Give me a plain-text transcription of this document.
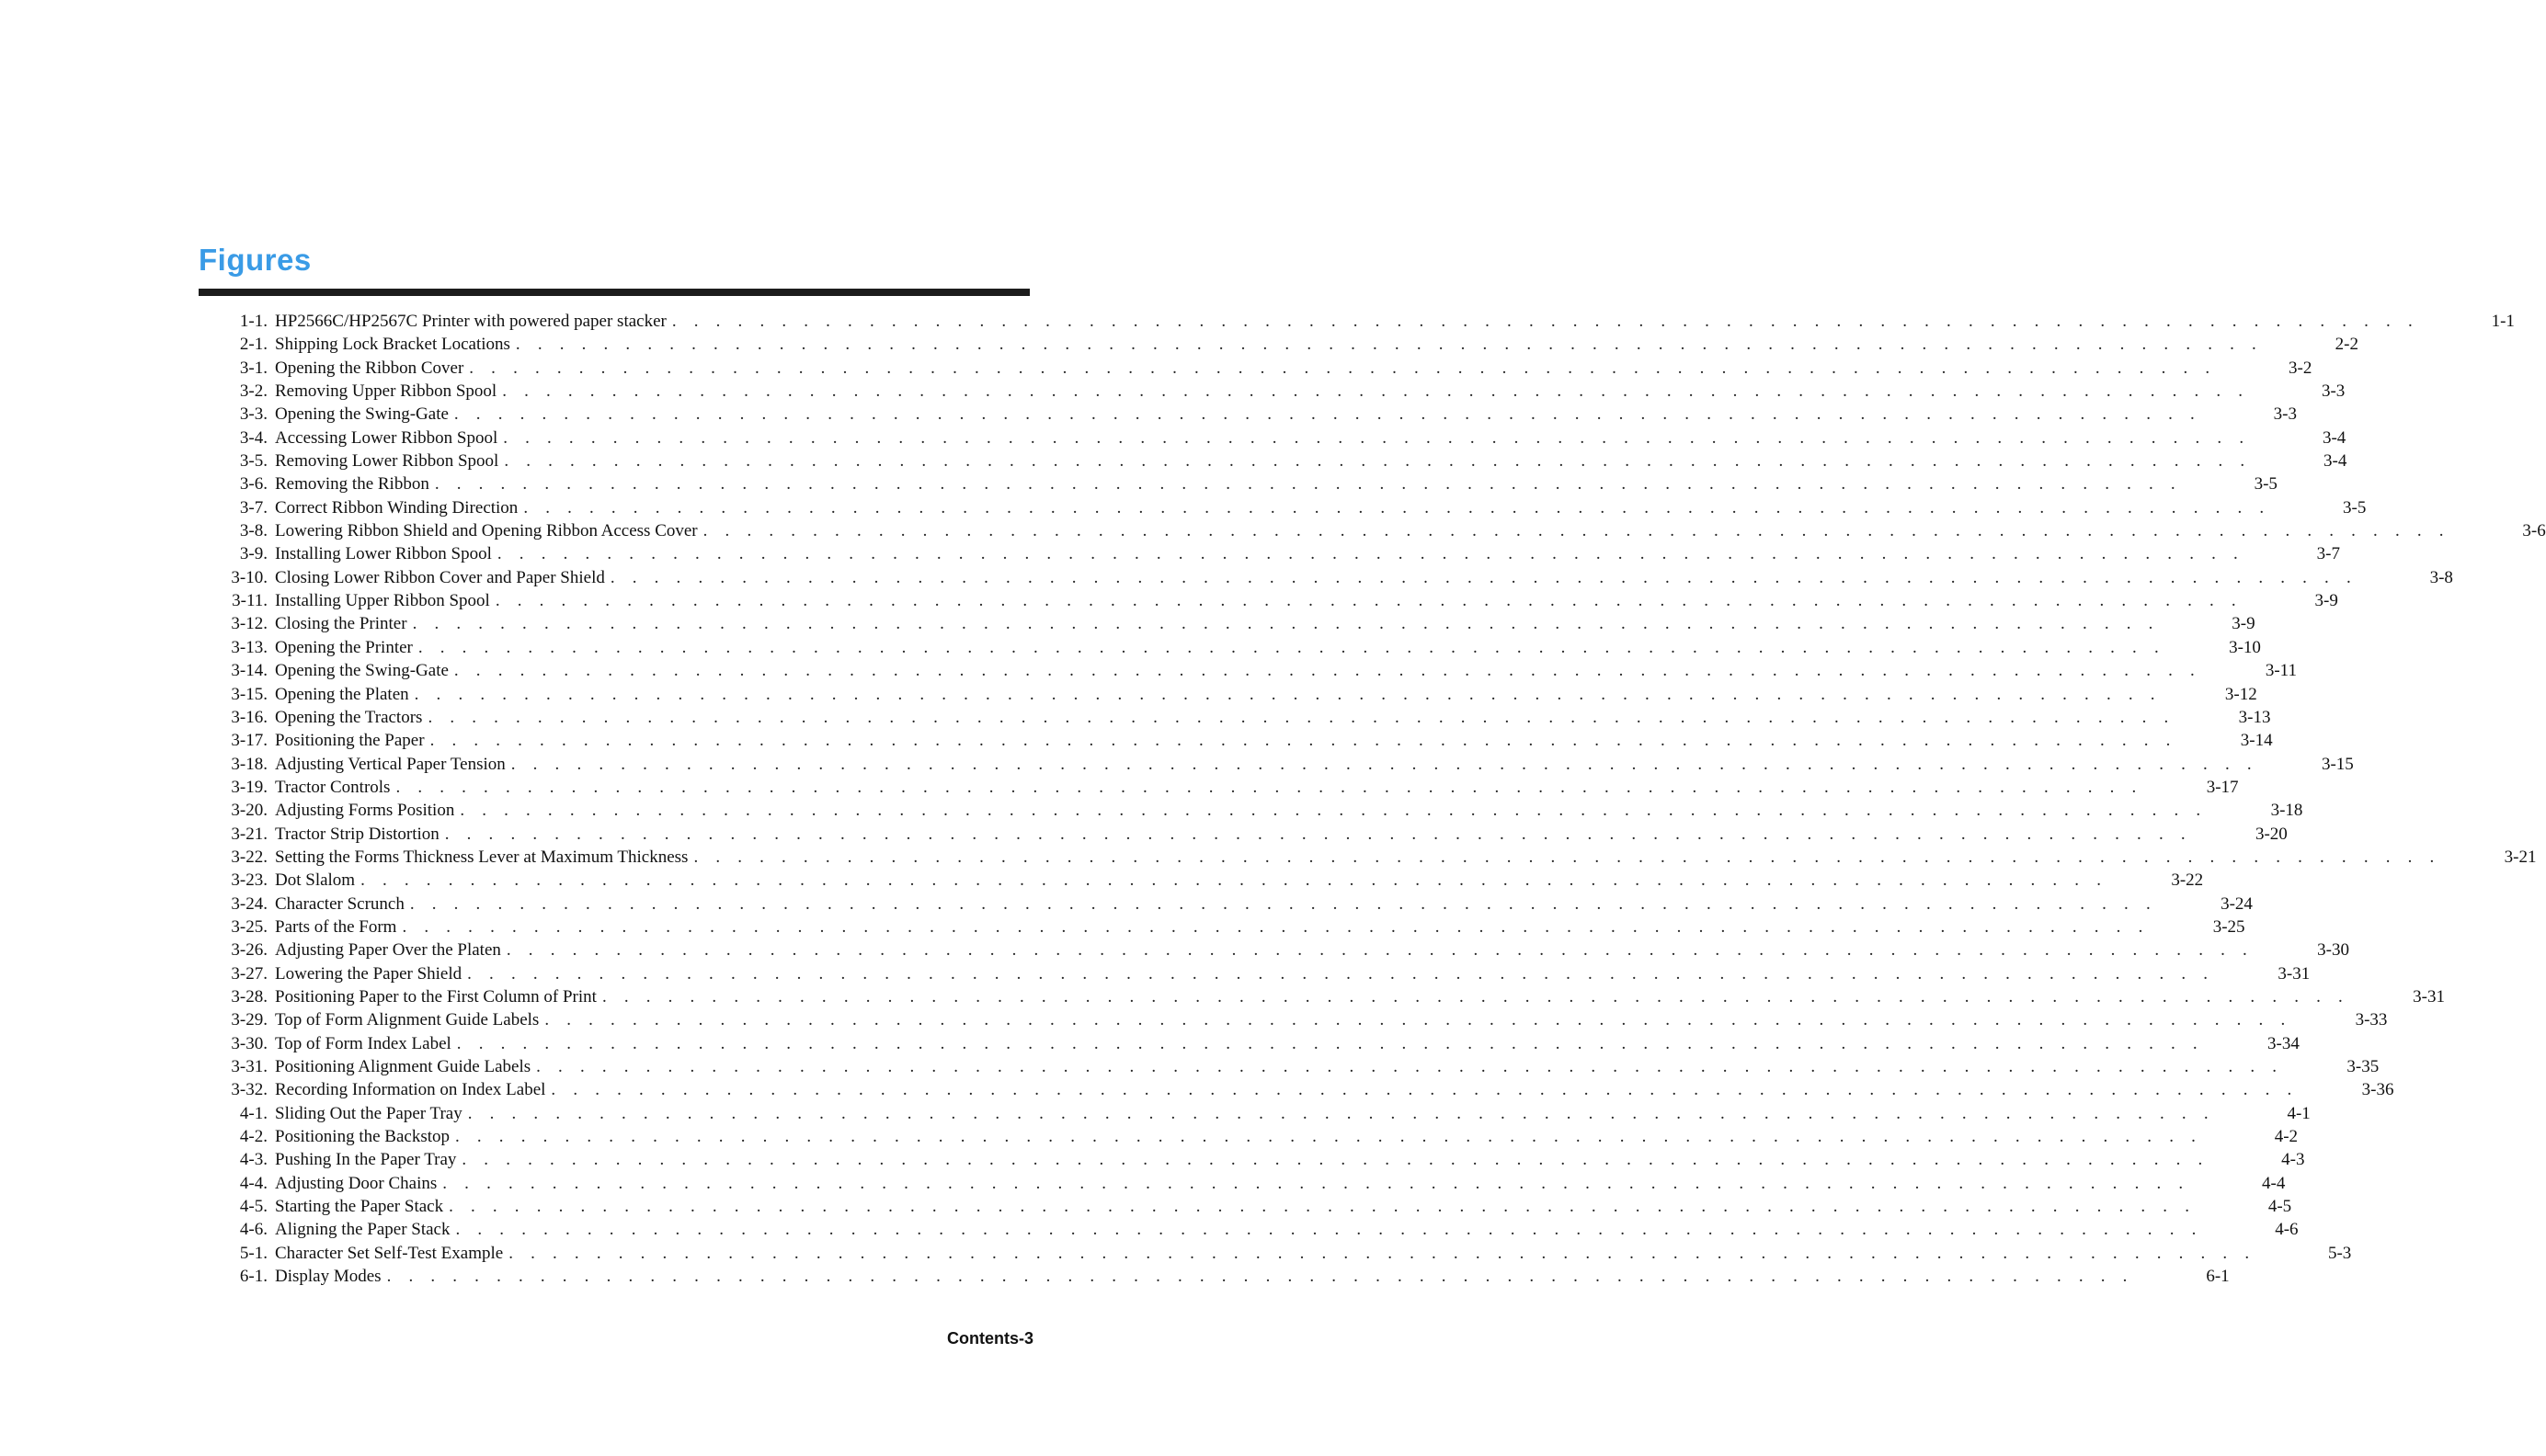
Figures
1-1. HP2566C/HP2567C Printer with powered paper stacker . . . . . . . . . . . . . . . . . . . . . . . . . . . . . . . . . . . . . . . . . . . . . . . . . . . . . . . . . . . . . . . . . . . . . . . . . . . . . . . .	1-1
2-1. Shipping Lock Bracket Locations . . . . . . . . . . . . . . . . . . . . . . . . . . . . . . . . . . . . . . . . . . . . . . . . . . . . . . . . . . . . . . . . . . . . . . . . . . . . . . . .	2-2
3-1. Opening the Ribbon Cover . . . . . . . . . . . . . . . . . . . . . . . . . . . . . . . . . . . . . . . . . . . . . . . . . . . . . . . . . . . . . . . . . . . . . . . . . . . . . . . .	3-2
3-2. Removing Upper Ribbon Spool . . . . . . . . . . . . . . . . . . . . . . . . . . . . . . . . . . . . . . . . . . . . . . . . . . . . . . . . . . . . . . . . . . . . . . . . . . . . . . . .	3-3
3-3. Opening the Swing-Gate . . . . . . . . . . . . . . . . . . . . . . . . . . . . . . . . . . . . . . . . . . . . . . . . . . . . . . . . . . . . . . . . . . . . . . . . . . . . . . . .	3-3
3-4. Accessing Lower Ribbon Spool . . . . . . . . . . . . . . . . . . . . . . . . . . . . . . . . . . . . . . . . . . . . . . . . . . . . . . . . . . . . . . . . . . . . . . . . . . . . . . . .	3-4
3-5. Removing Lower Ribbon Spool . . . . . . . . . . . . . . . . . . . . . . . . . . . . . . . . . . . . . . . . . . . . . . . . . . . . . . . . . . . . . . . . . . . . . . . . . . . . . . . .	3-4
3-6. Removing the Ribbon . . . . . . . . . . . . . . . . . . . . . . . . . . . . . . . . . . . . . . . . . . . . . . . . . . . . . . . . . . . . . . . . . . . . . . . . . . . . . . . .	3-5
3-7. Correct Ribbon Winding Direction . . . . . . . . . . . . . . . . . . . . . . . . . . . . . . . . . . . . . . . . . . . . . . . . . . . . . . . . . . . . . . . . . . . . . . . . . . . . . . . .	3-5
3-8. Lowering Ribbon Shield and Opening Ribbon Access Cover . . . . . . . . . . . . . . . . . . . . . . . . . . . . . . . . . . . . . . . . . . . . . . . . . . . . . . . . . . . . . . . . . . . . . . . . . . . . . . . .	3-6
3-9. Installing Lower Ribbon Spool . . . . . . . . . . . . . . . . . . . . . . . . . . . . . . . . . . . . . . . . . . . . . . . . . . . . . . . . . . . . . . . . . . . . . . . . . . . . . . . .	3-7
3-10. Closing Lower Ribbon Cover and Paper Shield . . . . . . . . . . . . . . . . . . . . . . . . . . . . . . . . . . . . . . . . . . . . . . . . . . . . . . . . . . . . . . . . . . . . . . . . . . . . . . . .	3-8
3-11. Installing Upper Ribbon Spool . . . . . . . . . . . . . . . . . . . . . . . . . . . . . . . . . . . . . . . . . . . . . . . . . . . . . . . . . . . . . . . . . . . . . . . . . . . . . . . .	3-9
3-12. Closing the Printer . . . . . . . . . . . . . . . . . . . . . . . . . . . . . . . . . . . . . . . . . . . . . . . . . . . . . . . . . . . . . . . . . . . . . . . . . . . . . . . .	3-9
3-13. Opening the Printer . . . . . . . . . . . . . . . . . . . . . . . . . . . . . . . . . . . . . . . . . . . . . . . . . . . . . . . . . . . . . . . . . . . . . . . . . . . . . . . .	3-10
3-14. Opening the Swing-Gate . . . . . . . . . . . . . . . . . . . . . . . . . . . . . . . . . . . . . . . . . . . . . . . . . . . . . . . . . . . . . . . . . . . . . . . . . . . . . . . .	3-11
3-15. Opening the Platen . . . . . . . . . . . . . . . . . . . . . . . . . . . . . . . . . . . . . . . . . . . . . . . . . . . . . . . . . . . . . . . . . . . . . . . . . . . . . . . .	3-12
3-16. Opening the Tractors . . . . . . . . . . . . . . . . . . . . . . . . . . . . . . . . . . . . . . . . . . . . . . . . . . . . . . . . . . . . . . . . . . . . . . . . . . . . . . . .	3-13
3-17. Positioning the Paper . . . . . . . . . . . . . . . . . . . . . . . . . . . . . . . . . . . . . . . . . . . . . . . . . . . . . . . . . . . . . . . . . . . . . . . . . . . . . . . .	3-14
3-18. Adjusting Vertical Paper Tension . . . . . . . . . . . . . . . . . . . . . . . . . . . . . . . . . . . . . . . . . . . . . . . . . . . . . . . . . . . . . . . . . . . . . . . . . . . . . . . .	3-15
3-19. Tractor Controls . . . . . . . . . . . . . . . . . . . . . . . . . . . . . . . . . . . . . . . . . . . . . . . . . . . . . . . . . . . . . . . . . . . . . . . . . . . . . . . .	3-17
3-20. Adjusting Forms Position . . . . . . . . . . . . . . . . . . . . . . . . . . . . . . . . . . . . . . . . . . . . . . . . . . . . . . . . . . . . . . . . . . . . . . . . . . . . . . . .	3-18
3-21. Tractor Strip Distortion . . . . . . . . . . . . . . . . . . . . . . . . . . . . . . . . . . . . . . . . . . . . . . . . . . . . . . . . . . . . . . . . . . . . . . . . . . . . . . . .	3-20
3-22. Setting the Forms Thickness Lever at Maximum Thickness . . . . . . . . . . . . . . . . . . . . . . . . . . . . . . . . . . . . . . . . . . . . . . . . . . . . . . . . . . . . . . . . . . . . . . . . . . . . . . . .	3-21
3-23. Dot Slalom . . . . . . . . . . . . . . . . . . . . . . . . . . . . . . . . . . . . . . . . . . . . . . . . . . . . . . . . . . . . . . . . . . . . . . . . . . . . . . . .	3-22
3-24. Character Scrunch . . . . . . . . . . . . . . . . . . . . . . . . . . . . . . . . . . . . . . . . . . . . . . . . . . . . . . . . . . . . . . . . . . . . . . . . . . . . . . . .	3-24
3-25. Parts of the Form . . . . . . . . . . . . . . . . . . . . . . . . . . . . . . . . . . . . . . . . . . . . . . . . . . . . . . . . . . . . . . . . . . . . . . . . . . . . . . . .	3-25
3-26. Adjusting Paper Over the Platen . . . . . . . . . . . . . . . . . . . . . . . . . . . . . . . . . . . . . . . . . . . . . . . . . . . . . . . . . . . . . . . . . . . . . . . . . . . . . . . .	3-30
3-27. Lowering the Paper Shield . . . . . . . . . . . . . . . . . . . . . . . . . . . . . . . . . . . . . . . . . . . . . . . . . . . . . . . . . . . . . . . . . . . . . . . . . . . . . . . .	3-31
3-28. Positioning Paper to the First Column of Print . . . . . . . . . . . . . . . . . . . . . . . . . . . . . . . . . . . . . . . . . . . . . . . . . . . . . . . . . . . . . . . . . . . . . . . . . . . . . . . .	3-31
3-29. Top of Form Alignment Guide Labels . . . . . . . . . . . . . . . . . . . . . . . . . . . . . . . . . . . . . . . . . . . . . . . . . . . . . . . . . . . . . . . . . . . . . . . . . . . . . . . .	3-33
3-30. Top of Form Index Label . . . . . . . . . . . . . . . . . . . . . . . . . . . . . . . . . . . . . . . . . . . . . . . . . . . . . . . . . . . . . . . . . . . . . . . . . . . . . . . .	3-34
3-31. Positioning Alignment Guide Labels . . . . . . . . . . . . . . . . . . . . . . . . . . . . . . . . . . . . . . . . . . . . . . . . . . . . . . . . . . . . . . . . . . . . . . . . . . . . . . . .	3-35
3-32. Recording Information on Index Label . . . . . . . . . . . . . . . . . . . . . . . . . . . . . . . . . . . . . . . . . . . . . . . . . . . . . . . . . . . . . . . . . . . . . . . . . . . . . . . .	3-36
4-1. Sliding Out the Paper Tray . . . . . . . . . . . . . . . . . . . . . . . . . . . . . . . . . . . . . . . . . . . . . . . . . . . . . . . . . . . . . . . . . . . . . . . . . . . . . . . .	4-1
4-2. Positioning the Backstop . . . . . . . . . . . . . . . . . . . . . . . . . . . . . . . . . . . . . . . . . . . . . . . . . . . . . . . . . . . . . . . . . . . . . . . . . . . . . . . .	4-2
4-3. Pushing In the Paper Tray . . . . . . . . . . . . . . . . . . . . . . . . . . . . . . . . . . . . . . . . . . . . . . . . . . . . . . . . . . . . . . . . . . . . . . . . . . . . . . . .	4-3
4-4. Adjusting Door Chains . . . . . . . . . . . . . . . . . . . . . . . . . . . . . . . . . . . . . . . . . . . . . . . . . . . . . . . . . . . . . . . . . . . . . . . . . . . . . . . .	4-4
4-5. Starting the Paper Stack . . . . . . . . . . . . . . . . . . . . . . . . . . . . . . . . . . . . . . . . . . . . . . . . . . . . . . . . . . . . . . . . . . . . . . . . . . . . . . . .	4-5
4-6. Aligning the Paper Stack . . . . . . . . . . . . . . . . . . . . . . . . . . . . . . . . . . . . . . . . . . . . . . . . . . . . . . . . . . . . . . . . . . . . . . . . . . . . . . . .	4-6
5-1. Character Set Self-Test Example . . . . . . . . . . . . . . . . . . . . . . . . . . . . . . . . . . . . . . . . . . . . . . . . . . . . . . . . . . . . . . . . . . . . . . . . . . . . . . . .	5-3
6-1. Display Modes . . . . . . . . . . . . . . . . . . . . . . . . . . . . . . . . . . . . . . . . . . . . . . . . . . . . . . . . . . . . . . . . . . . . . . . . . . . . . . . .	6-1
Contents-3
